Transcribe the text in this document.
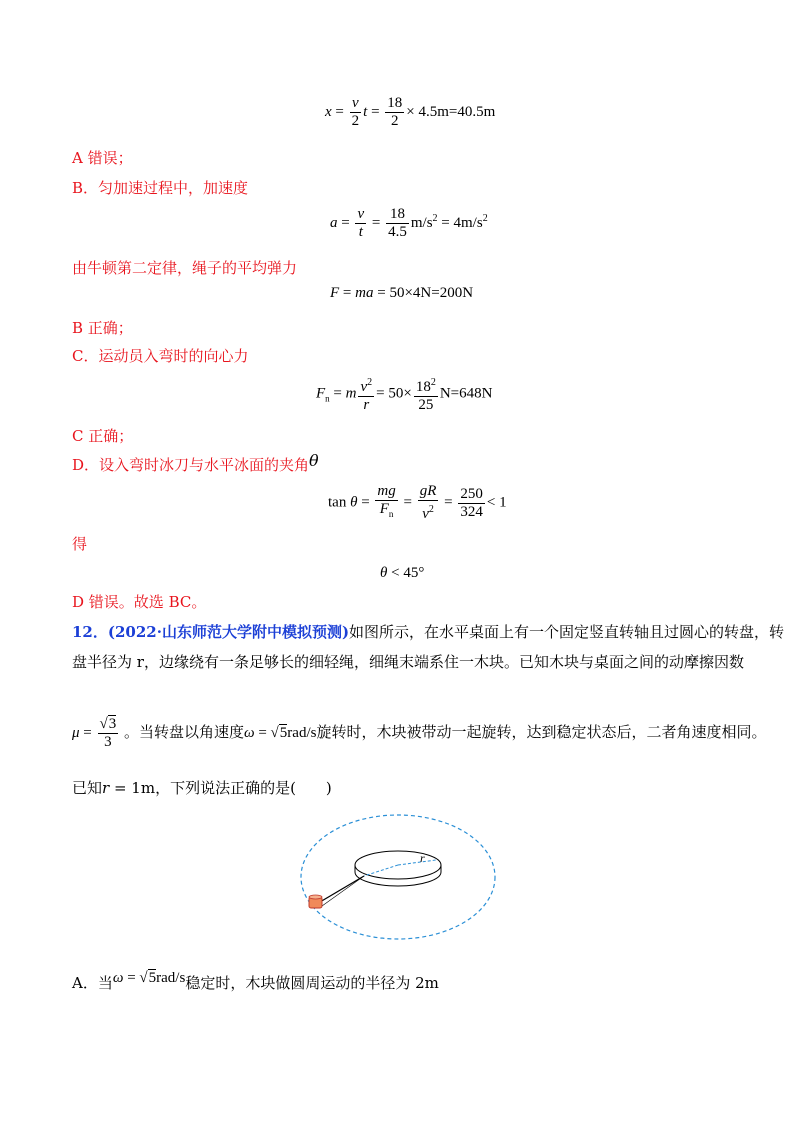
$x = \frac{v}{2}$ $t = \frac{18}{2} \times 4.5m=40.5m$
A 错误；
B．匀加速过程中，加速度
$a = \frac{v}{t} = \frac{18}{4.5} m/s^2 = 4m/s^2$
由牛顿第二定律，绳子的平均弹力
F = ma = 50×4N=200N
B 正确；
C．运动员入弯时的向心力
$F_n = m \frac{v^2}{r} = 50\times \frac{18^2}{25} N=648N$
C 正确；
D．设入弯时冰刀与水平冰面的夹角θ
$\tan \theta = \frac{mg}{F_n} = \frac{gR}{v^2} = \frac{250}{324} < 1$
得
θ < 45°
D 错误。故选 BC。
12．(2022·山东师范大学附中模拟预测)如图所示，在水平桌面上有一个固定竖直转轴且过圆心的转盘，转
盘半径为 r，边缘绕有一条足够长的细轻绳，细绳末端系住一木块。已知木块与桌面之间的动摩擦因数
$\mu = \frac{√3}{3}$ 。当转盘以角速度ω = √5rad/s旋转时，木块被带动一起旋转，达到稳定状态后，二者角速度相同。
已知r = 1m，下列说法正确的是(　　)
r
A．当ω = √5rad/s稳定时，木块做圆周运动的半径为 2m
